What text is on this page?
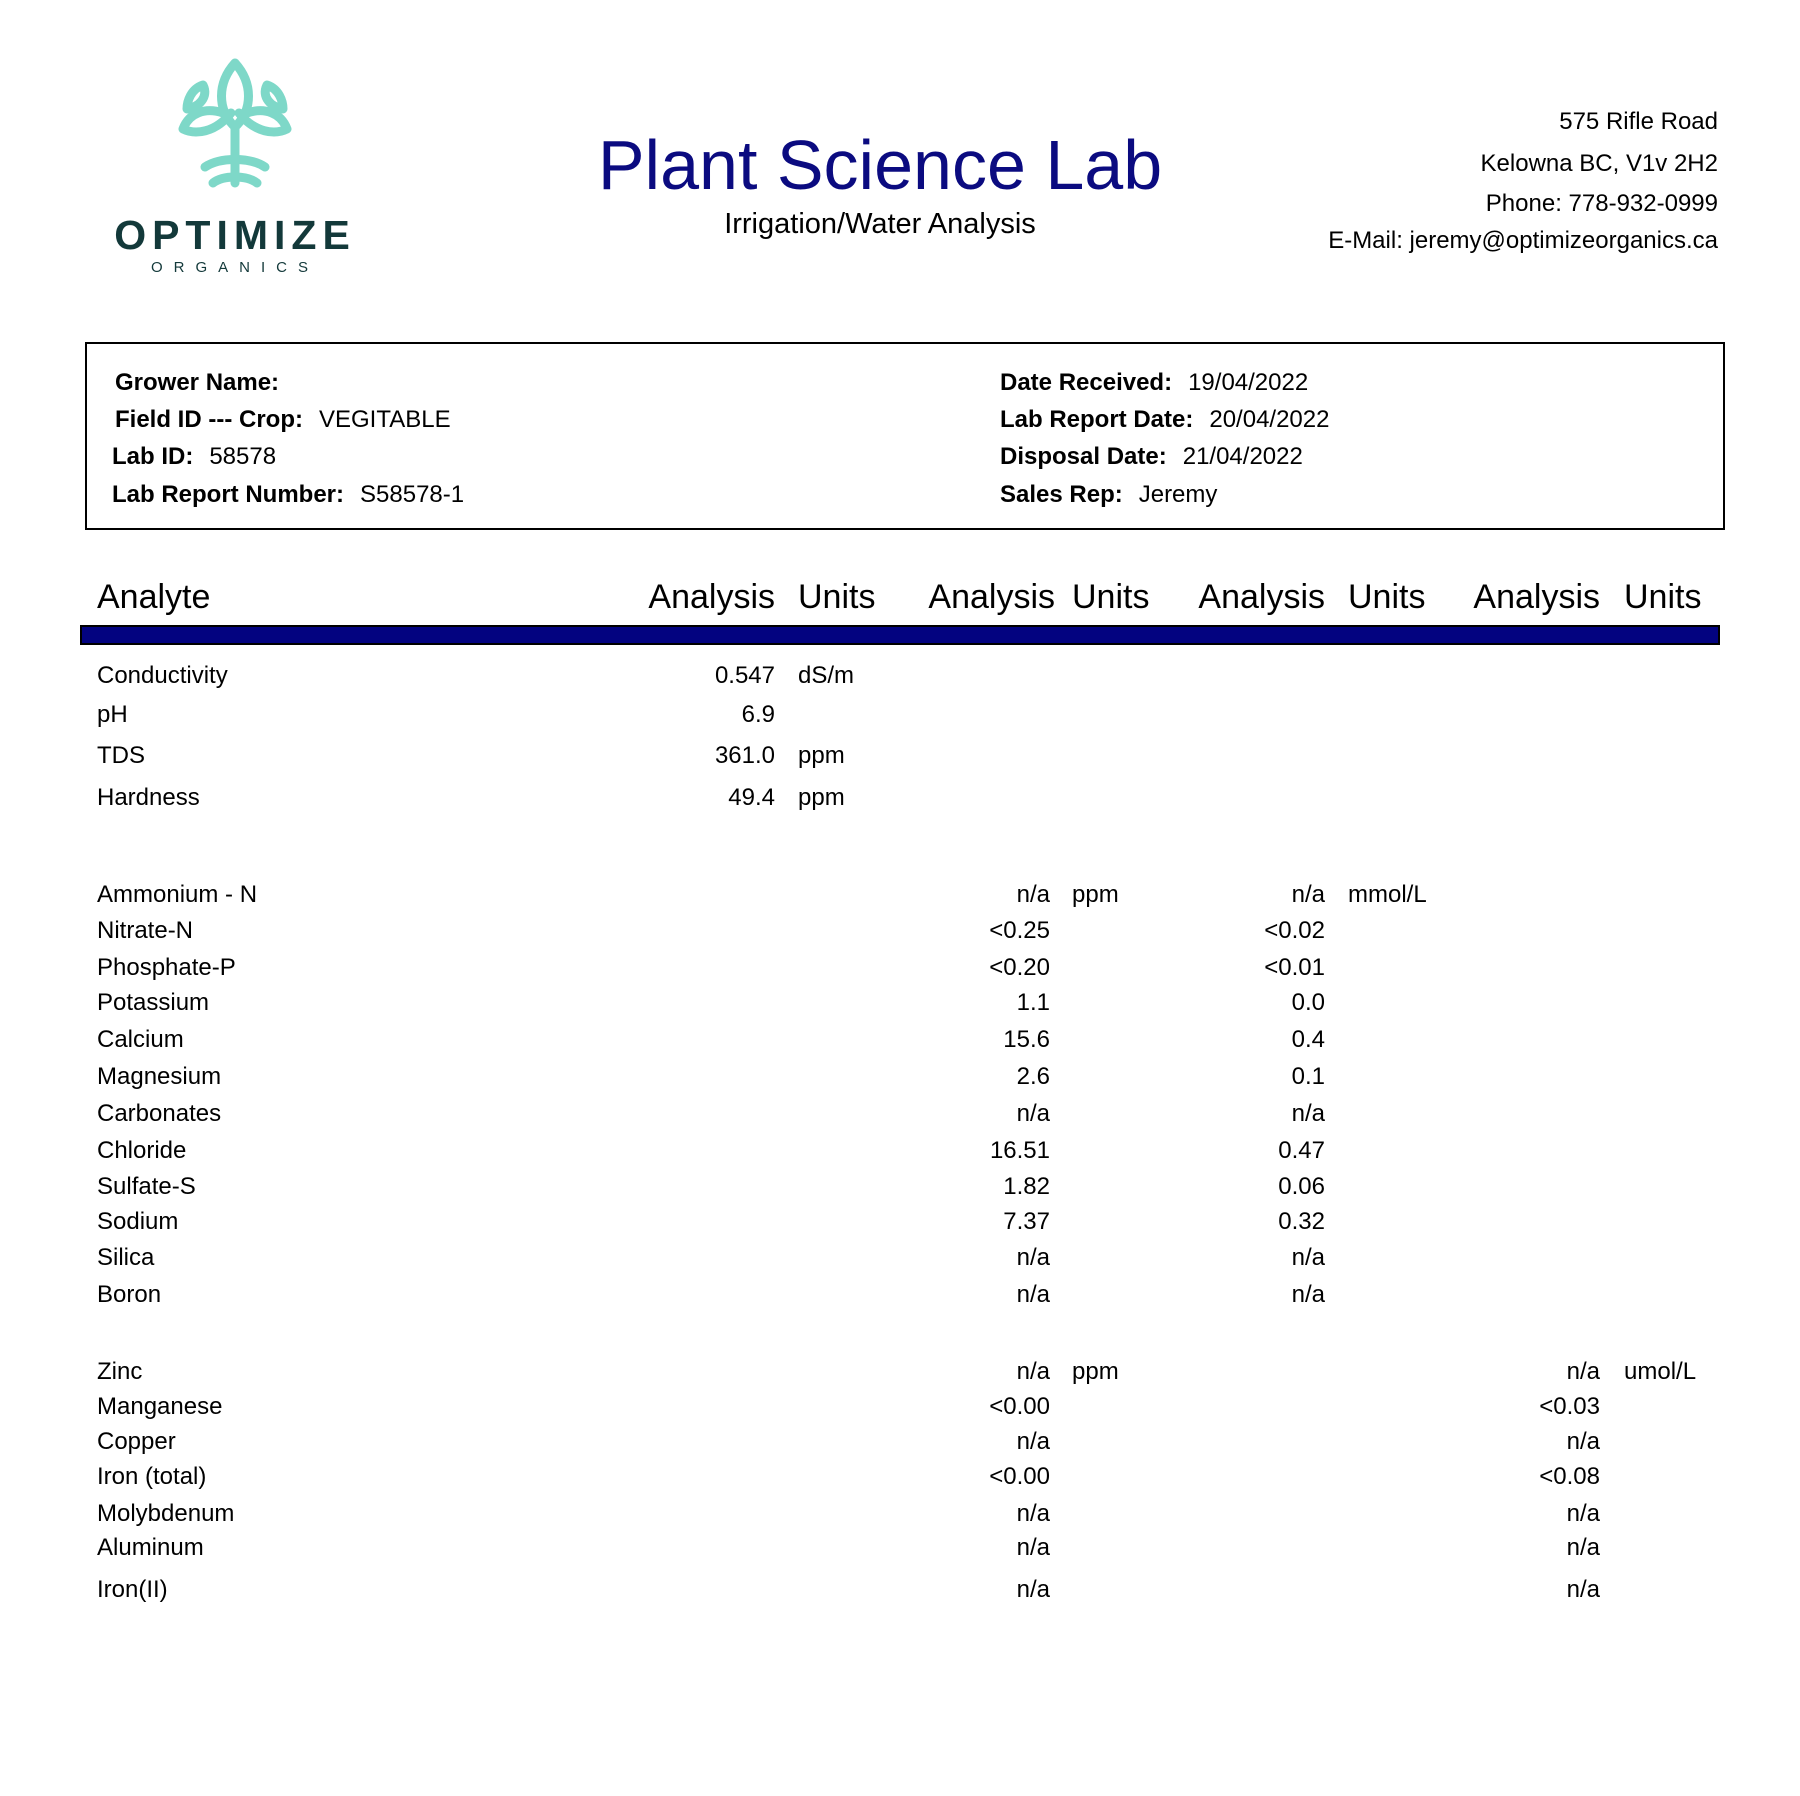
OPTIMIZE
ORGANICS
Plant Science Lab
Irrigation/Water Analysis
575 Rifle Road
Kelowna BC, V1v 2H2
Phone: 778-932-0999
E-Mail: jeremy@optimizeorganics.ca
Grower Name:
Field ID --- Crop: VEGITABLE
Lab ID: 58578
Lab Report Number: S58578-1
Date Received: 19/04/2022
Lab Report Date: 20/04/2022
Disposal Date: 21/04/2022
Sales Rep: Jeremy
Analyte	Analysis Units	Analysis Units	Analysis Units	Analysis Units
Conductivity	0.547 dS/m
pH	6.9
TDS	361.0 ppm
Hardness	49.4 ppm
Ammonium - N	n/a ppm	n/a mmol/L
Nitrate-N	<0.25	<0.02
Phosphate-P	<0.20	<0.01
Potassium	1.1	0.0
Calcium	15.6	0.4
Magnesium	2.6	0.1
Carbonates	n/a	n/a
Chloride	16.51	0.47
Sulfate-S	1.82	0.06
Sodium	7.37	0.32
Silica	n/a	n/a
Boron	n/a	n/a
Zinc	n/a ppm	n/a umol/L
Manganese	<0.00	<0.03
Copper	n/a	n/a
Iron (total)	<0.00	<0.08
Molybdenum	n/a	n/a
Aluminum	n/a	n/a
Iron(II)	n/a	n/a
